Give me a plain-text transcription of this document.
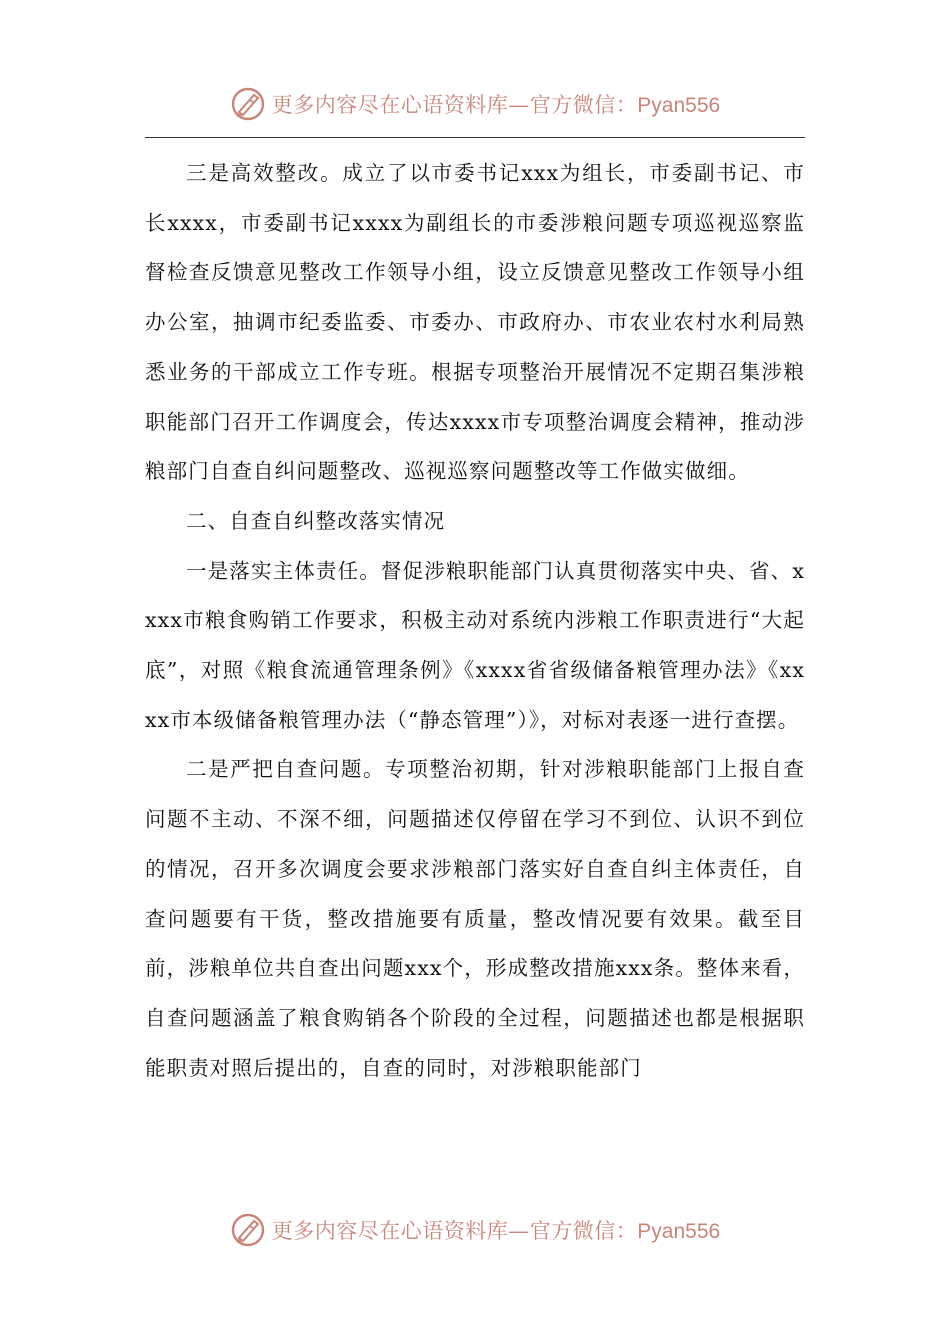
更多内容尽在心语资料库—官方微信：Pyan556

三是高效整改。成立了以市委书记xxx为组长，市委副书记、市长xxxx，市委副书记xxxx为副组长的市委涉粮问题专项巡视巡察监督检查反馈意见整改工作领导小组，设立反馈意见整改工作领导小组办公室，抽调市纪委监委、市委办、市政府办、市农业农村水利局熟悉业务的干部成立工作专班。根据专项整治开展情况不定期召集涉粮职能部门召开工作调度会，传达xxxx市专项整治调度会精神，推动涉粮部门自查自纠问题整改、巡视巡察问题整改等工作做实做细。

二、自查自纠整改落实情况

一是落实主体责任。督促涉粮职能部门认真贯彻落实中央、省、xxxx市粮食购销工作要求，积极主动对系统内涉粮工作职责进行“大起底”，对照《粮食流通管理条例》《xxxx省省级储备粮管理办法》《xxxx市本级储备粮管理办法（“静态管理”）》，对标对表逐一进行查摆。

二是严把自查问题。专项整治初期，针对涉粮职能部门上报自查问题不主动、不深不细，问题描述仅停留在学习不到位、认识不到位的情况，召开多次调度会要求涉粮部门落实好自查自纠主体责任，自查问题要有干货，整改措施要有质量，整改情况要有效果。截至目前，涉粮单位共自查出问题xxx个，形成整改措施xxx条。整体来看，自查问题涵盖了粮食购销各个阶段的全过程，问题描述也都是根据职能职责对照后提出的，自查的同时，对涉粮职能部门

更多内容尽在心语资料库—官方微信：Pyan556
